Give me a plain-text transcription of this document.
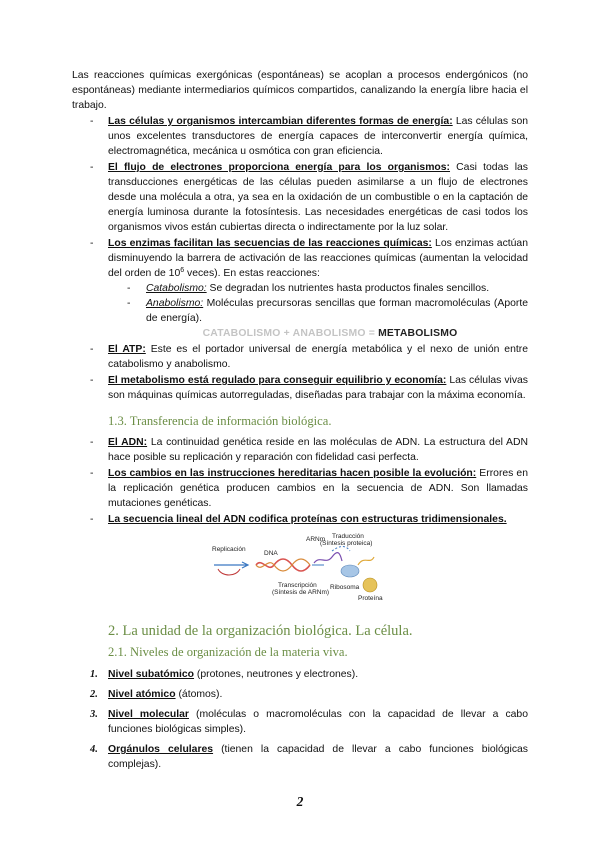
Las reacciones químicas exergónicas (espontáneas) se acoplan a procesos endergónicos (no espontáneas) mediante intermediarios químicos compartidos, canalizando la energía libre hacia el trabajo.

- Las células y organismos intercambian diferentes formas de energía: Las células son unos excelentes transductores de energía capaces de interconvertir energía química, electromagnética, mecánica u osmótica con gran eficiencia.
- El flujo de electrones proporciona energía para los organismos: Casi todas las transducciones energéticas de las células pueden asimilarse a un flujo de electrones desde una molécula a otra, ya sea en la oxidación de un combustible o en la captación de energía luminosa durante la fotosíntesis. Las necesidades energéticas de casi todos los organismos vivos están cubiertas directa o indirectamente por la luz solar.
- Los enzimas facilitan las secuencias de las reacciones químicas: Los enzimas actúan disminuyendo la barrera de activación de las reacciones químicas (aumentan la velocidad del orden de $10^6$ veces). En estas reacciones:
- Catabolismo: Se degradan los nutrientes hasta productos finales sencillos.
- Anabolismo: Moléculas precursoras sencillas que forman macromoléculas (Aporte de energía).
CATABOLISMO + ANABOLISMO = METABOLISMO
- El ATP: Este es el portador universal de energía metabólica y el nexo de unión entre catabolismo y anabolismo.
- El metabolismo está regulado para conseguir equilibrio y economía: Las células vivas son máquinas químicas autorreguladas, diseñadas para trabajar con la máxima economía.
1.3. Transferencia de información biológica.
- El ADN: La continuidad genética reside en las moléculas de ADN. La estructura del ADN hace posible su replicación y reparación con fidelidad casi perfecta.
- Los cambios en las instrucciones hereditarias hacen posible la evolución: Errores en la replicación genética producen cambios en la secuencia de ADN. Son llamadas mutaciones genéticas.
- La secuencia lineal del ADN codifica proteínas con estructuras tridimensionales.
Replicación
DNA
ARNm Traducción
(Síntesis proteica)
Transcripción
(Síntesis de ARNm)
Ribosoma
Proteína
2. La unidad de la organización biológica. La célula.
2.1. Niveles de organización de la materia viva.
1. Nivel subatómico (protones, neutrones y electrones).
2. Nivel atómico (átomos).
3. Nivel molecular (moléculas o macromoléculas con la capacidad de llevar a cabo funciones biológicas simples).
4. Orgánulos celulares (tienen la capacidad de llevar a cabo funciones biológicas complejas).
2
